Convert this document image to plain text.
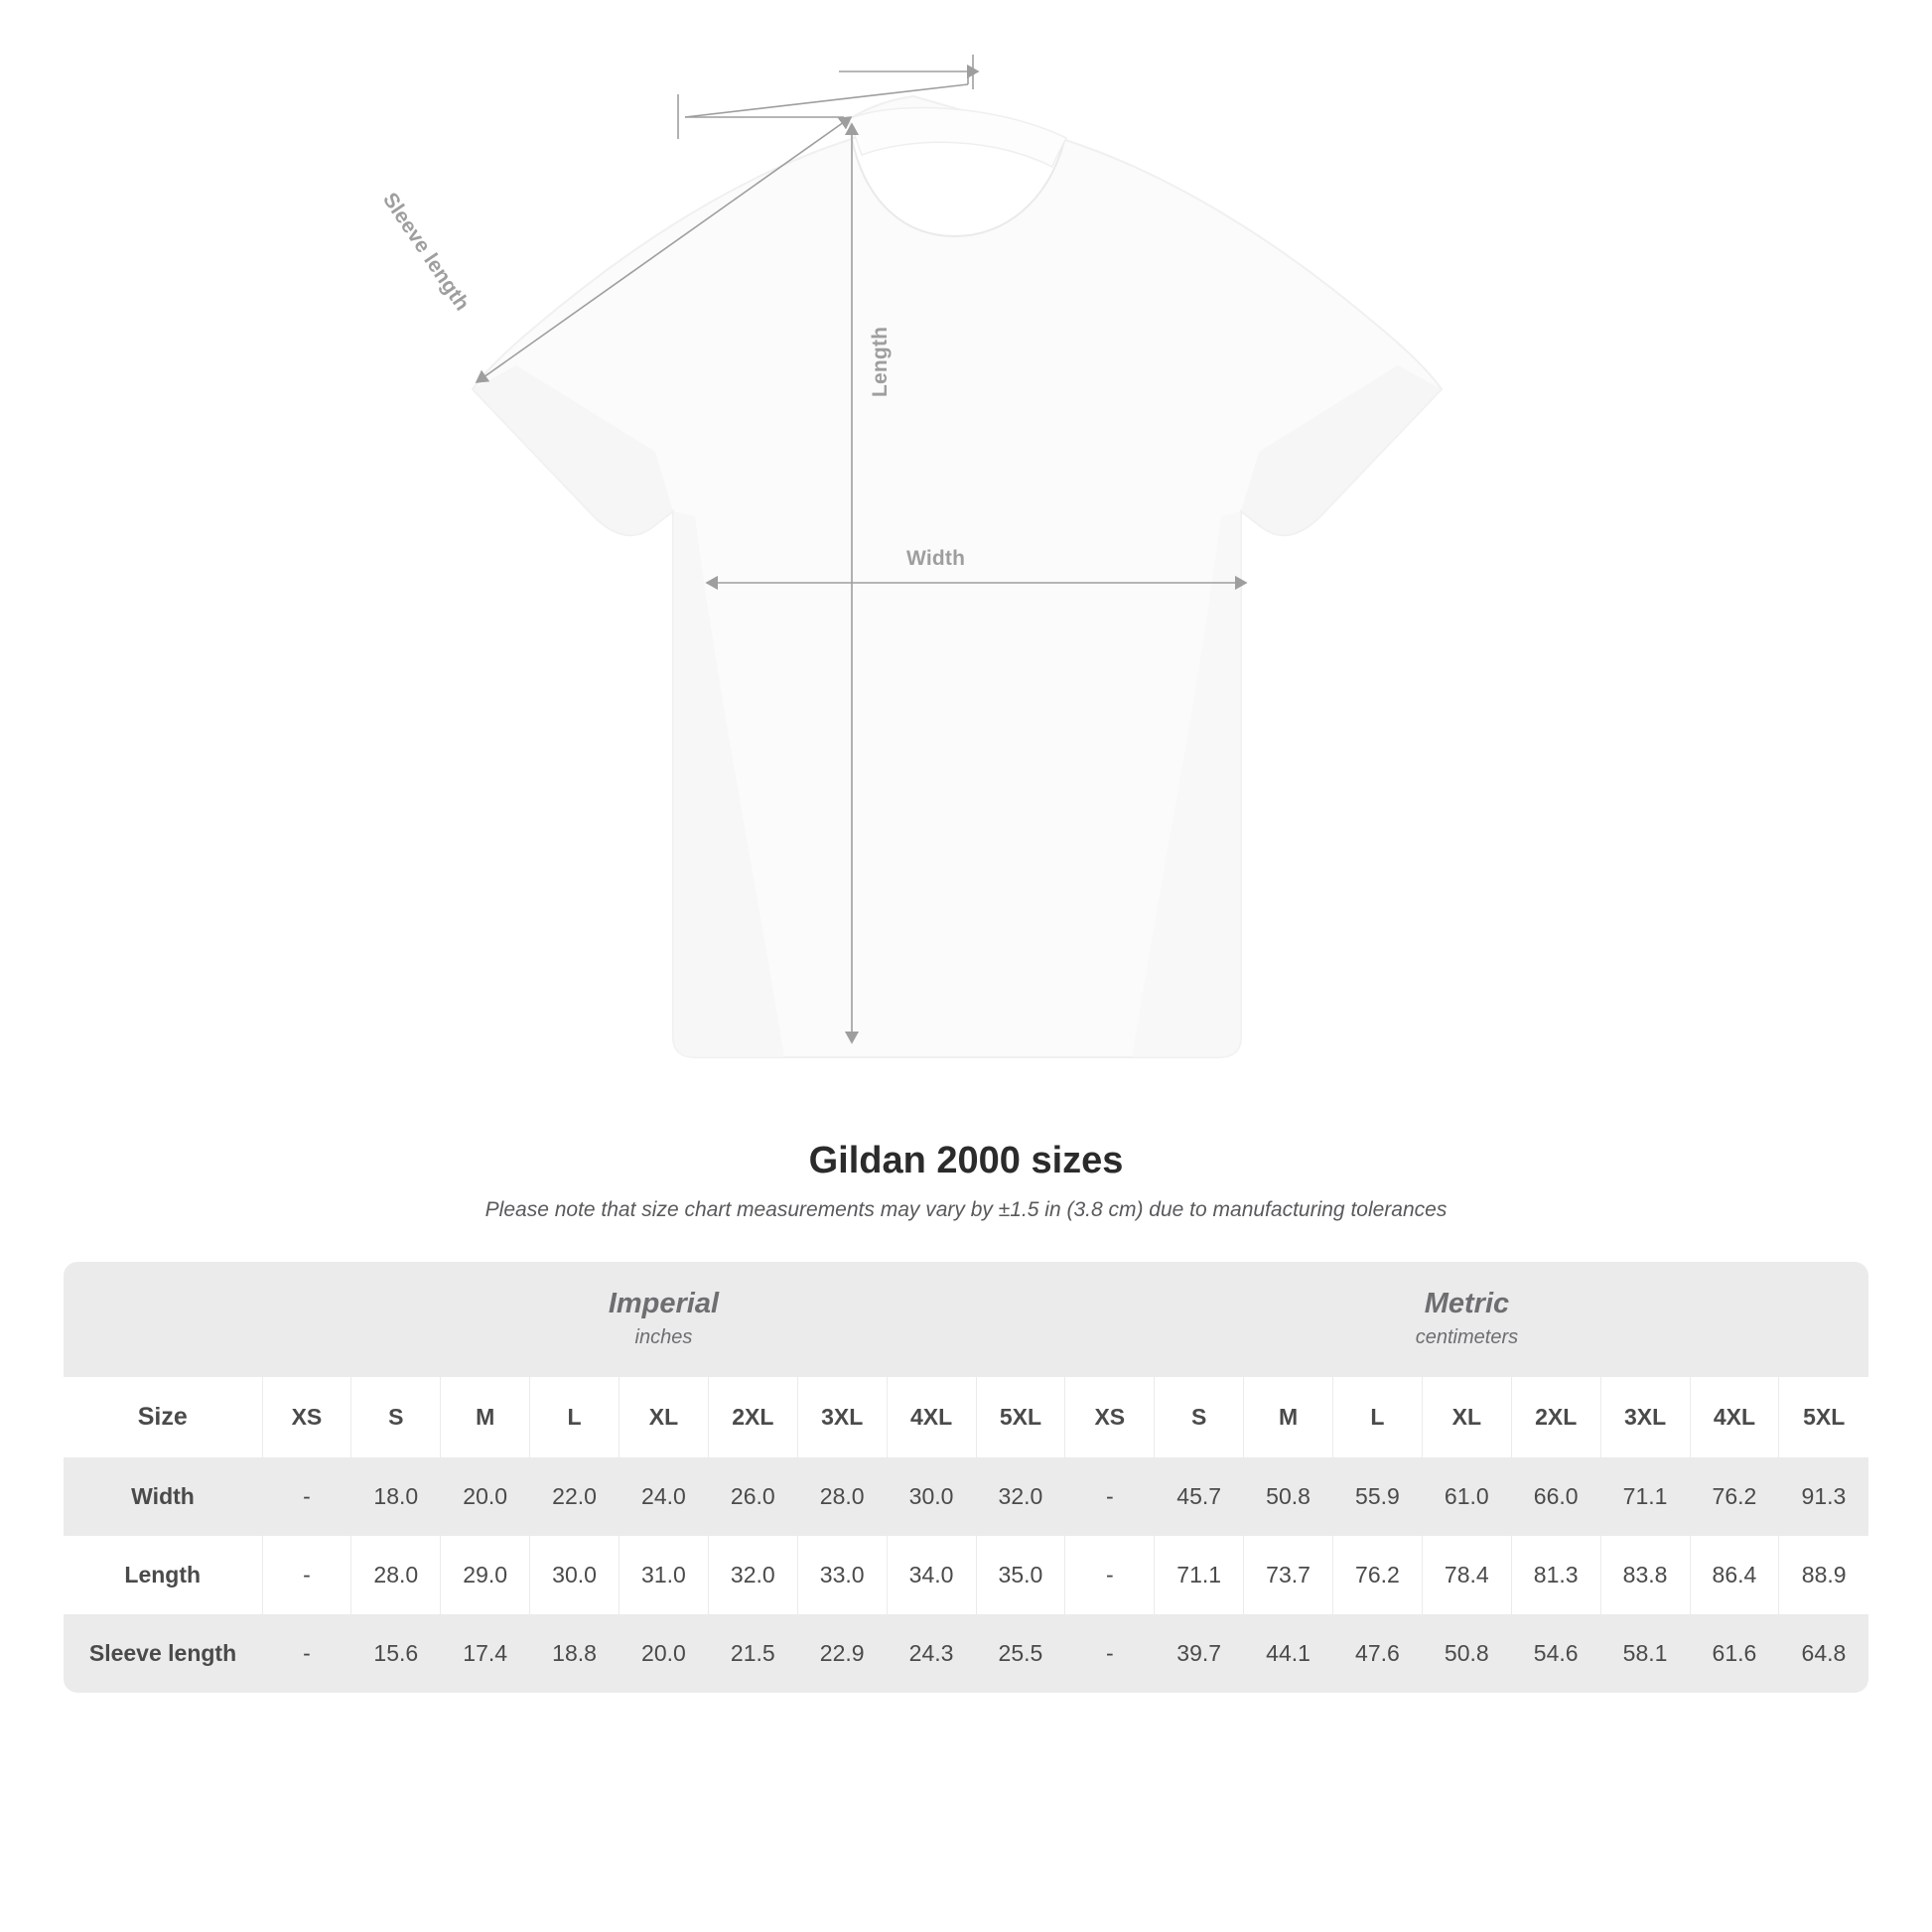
Sleeve length
Length
Width
Gildan 2000 sizes

Please note that size chart measurements may vary by ±1.5 in (3.8 cm) due to manufacturing tolerances

	Imperial
inches									Metric
centimeters								

Size	XS	S	M	L	XL	2XL	3XL	4XL	5XL	XS	S	M	L	XL	2XL	3XL	4XL	5XL
Width	-	18.0	20.0	22.0	24.0	26.0	28.0	30.0	32.0	-	45.7	50.8	55.9	61.0	66.0	71.1	76.2	91.3
Length	-	28.0	29.0	30.0	31.0	32.0	33.0	34.0	35.0	-	71.1	73.7	76.2	78.4	81.3	83.8	86.4	88.9
Sleeve length	-	15.6	17.4	18.8	20.0	21.5	22.9	24.3	25.5	-	39.7	44.1	47.6	50.8	54.6	58.1	61.6	64.8
